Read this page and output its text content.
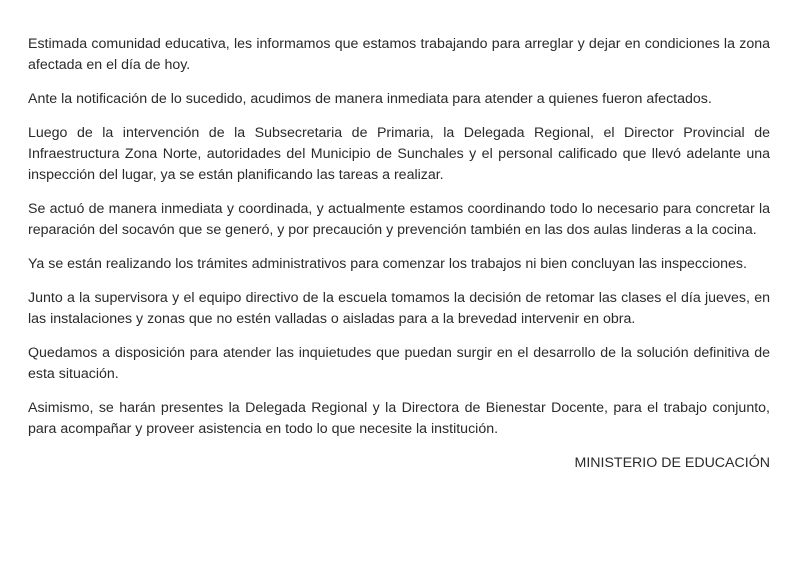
Estimada comunidad educativa, les informamos que estamos trabajando para arreglar y dejar en condiciones la zona afectada en el día de hoy.

Ante la notificación de lo sucedido, acudimos de manera inmediata para atender a quienes fueron afectados.

Luego de la intervención de la Subsecretaria de Primaria, la Delegada Regional, el Director Provincial de Infraestructura Zona Norte, autoridades del Municipio de Sunchales y el personal calificado que llevó adelante una inspección del lugar, ya se están planificando las tareas a realizar.

Se actuó de manera inmediata y coordinada, y actualmente estamos coordinando todo lo necesario para concretar la reparación del socavón que se generó, y por precaución y prevención también en las dos aulas linderas a la cocina.

Ya se están realizando los trámites administrativos para comenzar los trabajos ni bien concluyan las inspecciones.

Junto a la supervisora y el equipo directivo de la escuela tomamos la decisión de retomar las clases el día jueves, en las instalaciones y zonas que no estén valladas o aisladas para a la brevedad intervenir en obra.

Quedamos a disposición para atender las inquietudes que puedan surgir en el desarrollo de la solución definitiva de esta situación.

Asimismo, se harán presentes la Delegada Regional y la Directora de Bienestar Docente, para el trabajo conjunto, para acompañar y proveer asistencia en todo lo que necesite la institución.

MINISTERIO DE EDUCACIÓN
